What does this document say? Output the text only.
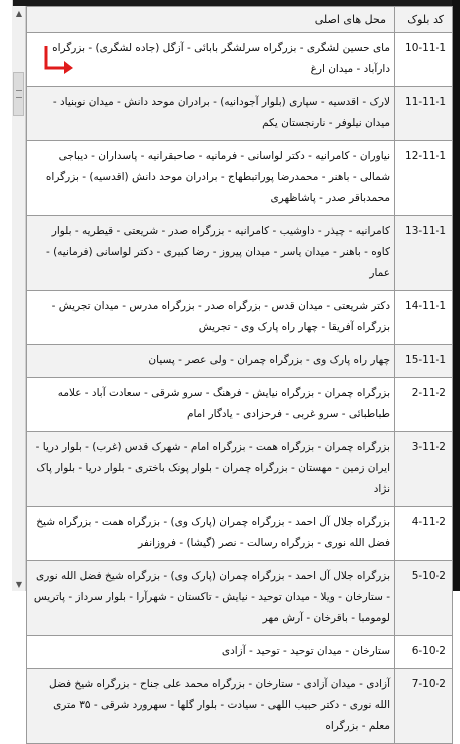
▲
▼
کد بلوک	محل های اصلی
10-11-1	مای حسین لشگری - بزرگراه سرلشگر بابائی - آزگل (جاده لشگری) - بزرگراه دارآباد - میدان ارغ
11-11-1	لارک - اقدسیه - سپاری (بلوار آجودانیه) - برادران موحد دانش - میدان نوبنیاد - میدان نیلوفر - نارنجستان یکم
12-11-1	نیاوران - کامرانیه - دکتر لواسانی - فرمانیه - صاحبقرانیه - پاسداران - دیباجی شمالی - باهنر - محمدرضا پوراتبطهاج - برادران موحد دانش (اقدسیه) - بزرگراه محمدباقر صدر - پاشاظهری
13-11-1	کامرانیه - چیذر - داوشیب - کامرانیه - بزرگراه صدر - شریعتی - قیطریه - بلوار کاوه - باهنر - میدان یاسر - میدان پیروز - رضا کبیری - دکتر لواسانی (فرمانیه) - عمار
14-11-1	دکتر شریعتی - میدان قدس - بزرگراه صدر - بزرگراه مدرس - میدان تجریش - بزرگراه آفریقا - چهار راه پارک وی - تجریش
15-11-1	چهار راه پارک وی - بزرگراه چمران - ولی عصر - پسیان
2-11-2	بزرگراه چمران - بزرگراه نیایش - فرهنگ - سرو شرقی - سعادت آباد - علامه طباطبائی - سرو غربی - فرحزادی - یادگار امام
3-11-2	بزرگراه چمران - بزرگراه همت - بزرگراه امام - شهرک قدس (غرب) - بلوار دریا - ایران زمین - مهستان - بزرگراه چمران - بلوار پونک باختری - بلوار دریا - بلوار پاک نژاد
4-11-2	بزرگراه جلال آل احمد - بزرگراه چمران (پارک وی) - بزرگراه همت - بزرگراه شیخ فضل الله نوری - بزرگراه رسالت - نصر (گیشا) - فروزانفر
5-10-2	بزرگراه جلال آل احمد - بزرگراه چمران (پارک وی) - بزرگراه شیخ فضل الله نوری - ستارخان - ویلا - میدان توحید - نیایش - تاکستان - شهرآرا - بلوار سرداز - پاتریس لومومبا - باقرخان - آرش مهر
6-10-2	ستارخان - میدان توحید - توحید - آزادی
7-10-2	آزادی - میدان آزادی - ستارخان - بزرگراه محمد علی جناح - بزرگراه شیخ فضل الله نوری - دکتر حبیب اللهی - سیادت - بلوار گلها - سهرورد شرقی - ۳۵ متری معلم - بزرگراه
